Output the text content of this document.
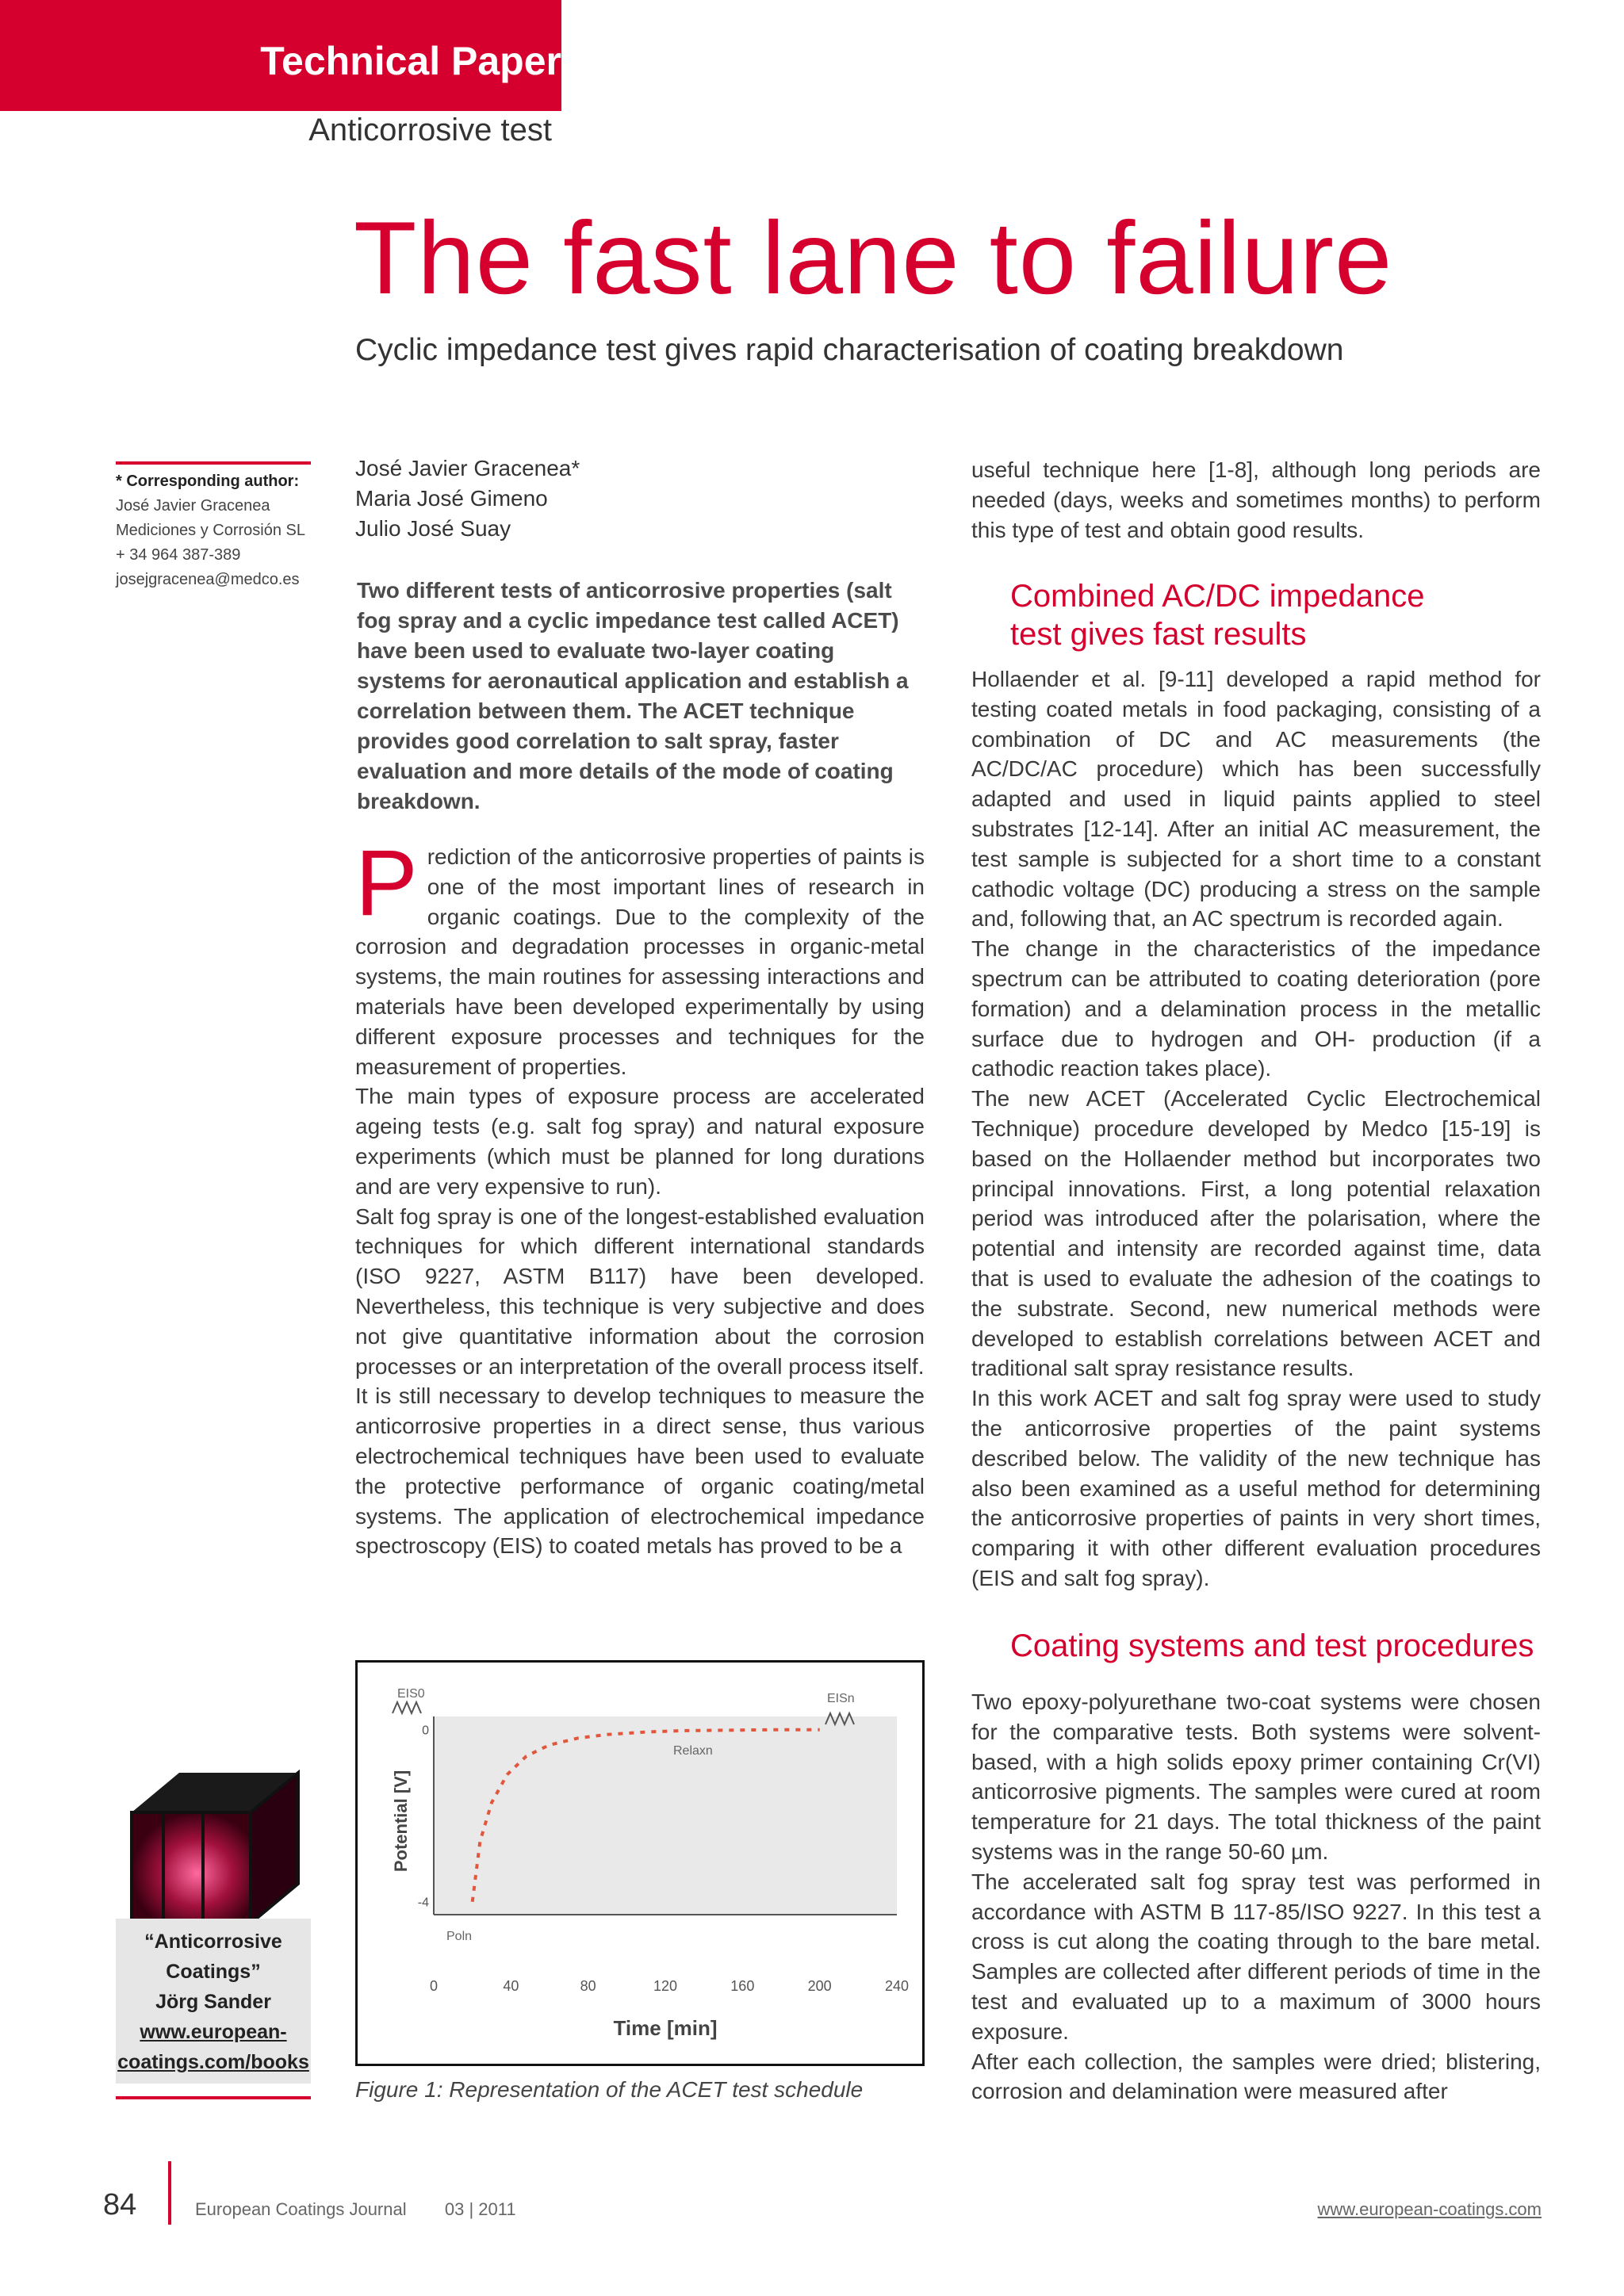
Technical Paper
Anticorrosive test
The fast lane to failure
Cyclic impedance test gives rapid characterisation of coating breakdown
* Corresponding author:
José Javier Gracenea
Mediciones y Corrosión SL
+ 34 964 387-389
josejgracenea@medco.es
José Javier Gracenea*
Maria José Gimeno
Julio José Suay
Two different tests of anticorrosive properties (salt fog spray and a cyclic impedance test called ACET) have been used to evaluate two-layer coating systems for aeronautical application and establish a correlation between them. The ACET technique provides good correlation to salt spray, faster evaluation and more details of the mode of coating breakdown.
P rediction of the anticorrosive properties of paints is one of the most important lines of research in organic coatings. Due to the complexity of the corrosion and degradation processes in organic-metal systems, the main routines for assessing interactions and materials have been developed experimentally by using different exposure processes and techniques for the measurement of properties.

The main types of exposure process are accelerated ageing tests (e.g. salt fog spray) and natural exposure experiments (which must be planned for long durations and are very expensive to run).

Salt fog spray is one of the longest-established evaluation techniques for which different international standards (ISO 9227, ASTM B117) have been developed. Nevertheless, this technique is very subjective and does not give quantitative information about the corrosion processes or an interpretation of the overall process itself.

It is still necessary to develop techniques to measure the anticorrosive properties in a direct sense, thus various electrochemical techniques have been used to evaluate the protective performance of organic coating/metal systems. The application of electrochemical impedance spectroscopy (EIS) to coated metals has proved to be a

useful technique here [1-8], although long periods are needed (days, weeks and sometimes months) to perform this type of test and obtain good results.

Combined AC/DC impedance test gives fast results

Hollaender et al. [9-11] developed a rapid method for testing coated metals in food packaging, consisting of a combination of DC and AC measurements (the AC/DC/AC procedure) which has been successfully adapted and used in liquid paints applied to steel substrates [12-14]. After an initial AC measurement, the test sample is subjected for a short time to a constant cathodic voltage (DC) producing a stress on the sample and, following that, an AC spectrum is recorded again.

The change in the characteristics of the impedance spectrum can be attributed to coating deterioration (pore formation) and a delamination process in the metallic surface due to hydrogen and OH- production (if a cathodic reaction takes place).

The new ACET (Accelerated Cyclic Electrochemical Technique) procedure developed by Medco [15-19] is based on the Hollaender method but incorporates two principal innovations. First, a long potential relaxation period was introduced after the polarisation, where the potential and intensity are recorded against time, data that is used to evaluate the adhesion of the coatings to the substrate. Second, new numerical methods were developed to establish correlations between ACET and traditional salt spray resistance results.

In this work ACET and salt fog spray were used to study the anticorrosive properties of the paint systems described below. The validity of the new technique has also been examined as a useful method for determining the anticorrosive properties of paints in very short times, comparing it with other different evaluation procedures (EIS and salt fog spray).

Coating systems and test procedures

Two epoxy-polyurethane two-coat systems were chosen for the comparative tests. Both systems were solvent-based, with a high solids epoxy primer containing Cr(VI) anticorrosive pigments. The samples were cured at room temperature for 21 days. The total thickness of the paint systems was in the range 50-60 µm.

The accelerated salt fog spray test was performed in accordance with ASTM B 117-85/ISO 9227. In this test a cross is cut along the coating through to the bare metal. Samples are collected after different periods of time in the test and evaluated up to a maximum of 3000 hours exposure.

After each collection, the samples were dried; blistering, corrosion and delamination were measured after

Potential [V]
Time [min]
0	40	80	120	160	200	240
0
-4
EIS0	EISn
Relaxn
Poln
Figure 1: Representation of the ACET test schedule
“Anticorrosive
Coatings”
Jörg Sander
www.european-
coatings.com/books
84	European Coatings Journal 03 | 2011	www.european-coatings.com
